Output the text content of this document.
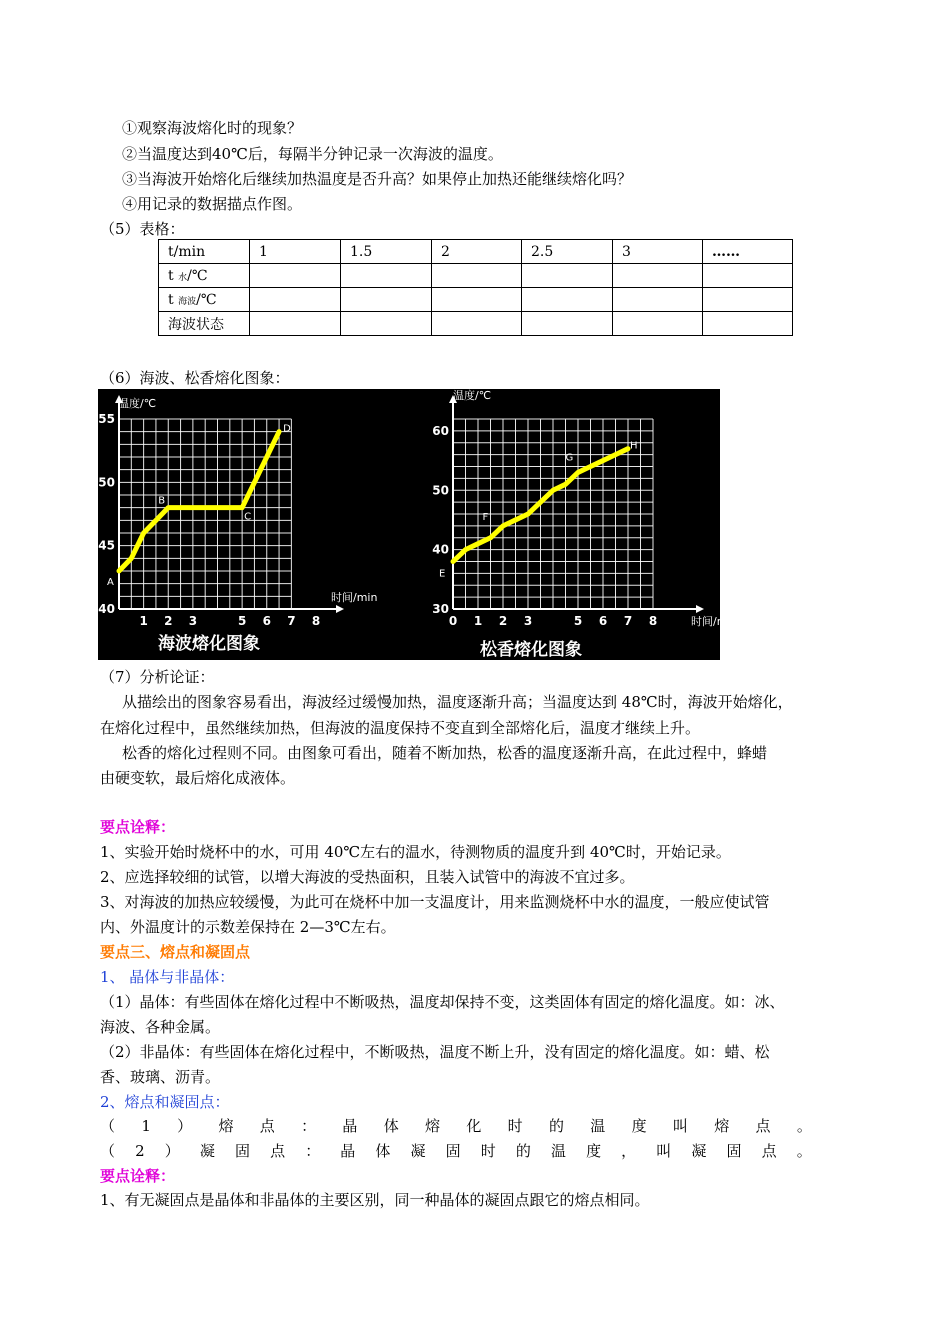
①观察海波熔化时的现象？
②当温度达到40℃后，每隔半分钟记录一次海波的温度。
③当海波开始熔化后继续加热温度是否升高？如果停止加热还能继续熔化吗？
④用记录的数据描点作图。
（5）表格：
t/min	1	1.5	2	2.5	3	……
t 水/℃						
t 海波/℃						
海波状态						
（6）海波、松香熔化图象：
1 2 3	5 6 7 8
40
45
50
55
温度/℃
时间/min
A
B
C
D
海波熔化图象
0 1 2 3	5 6 7 8
30
40
50
60
温度/℃
时间/min
E
F
G
H
松香熔化图象
（7）分析论证：
从描绘出的图象容易看出，海波经过缓慢加热，温度逐渐升高；当温度达到 48℃时，海波开始熔化，
在熔化过程中，虽然继续加热，但海波的温度保持不变直到全部熔化后，温度才继续上升。
松香的熔化过程则不同。由图象可看出，随着不断加热，松香的温度逐渐升高，在此过程中，蜂蜡
由硬变软，最后熔化成液体。
要点诠释：
1、实验开始时烧杯中的水，可用 40℃左右的温水，待测物质的温度升到 40℃时，开始记录。
2、应选择较细的试管，以增大海波的受热面积，且装入试管中的海波不宜过多。
3、对海波的加热应较缓慢，为此可在烧杯中加一支温度计，用来监测烧杯中水的温度，一般应使试管
内、外温度计的示数差保持在 2—3℃左右。
要点三、熔点和凝固点
1、 晶体与非晶体：
（1）晶体：有些固体在熔化过程中不断吸热，温度却保持不变，这类固体有固定的熔化温度。如：冰、
海波、各种金属。
（2）非晶体：有些固体在熔化过程中，不断吸热，温度不断上升，没有固定的熔化温度。如：蜡、松
香、玻璃、沥青。
2、熔点和凝固点：
（ 1 ） 熔 点 ： 晶 体 熔 化 时 的 温 度 叫 熔 点 。
（ 2 ） 凝 固 点 ： 晶 体 凝 固 时 的 温 度 ， 叫 凝 固 点 。
要点诠释：
1、有无凝固点是晶体和非晶体的主要区别，同一种晶体的凝固点跟它的熔点相同。
